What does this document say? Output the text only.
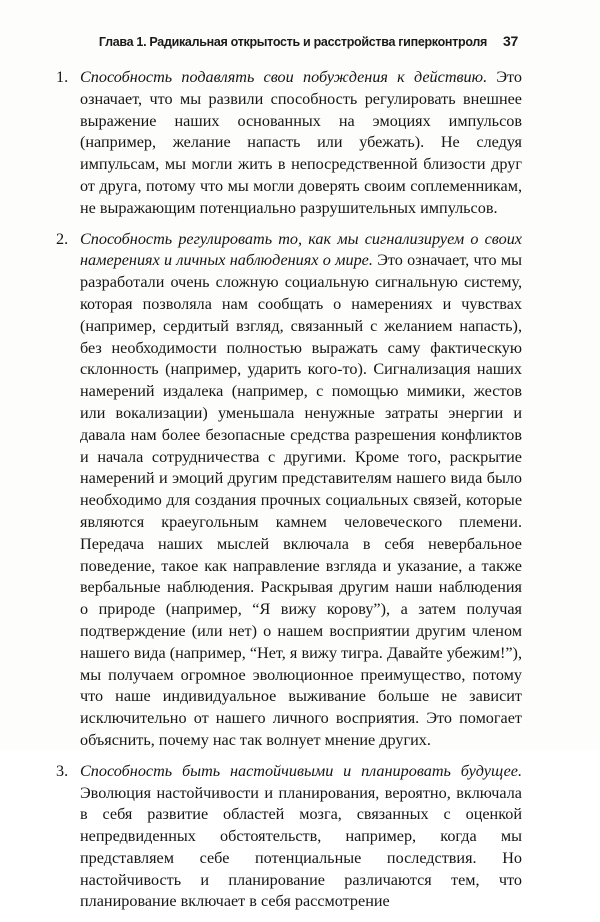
Глава 1. Радикальная открытость и расстройства гиперконтроля 37

1. Способность подавлять свои побуждения к действию. Это означает, что мы развили способность регулировать внешнее выражение наших основанных на эмоциях импульсов (например, желание напасть или убежать). Не следуя импульсам, мы могли жить в непосредственной близости друг от друга, потому что мы могли доверять своим соплеменникам, не выражающим потенциально разрушительных импульсов.

2. Способность регулировать то, как мы сигнализируем о своих намерениях и личных наблюдениях о мире. Это означает, что мы разработали очень сложную социальную сигнальную систему, которая позволяла нам сообщать о намерениях и чувствах (например, сердитый взгляд, связанный с желанием напасть), без необходимости полностью выражать саму фактическую склонность (например, ударить кого-то). Сигнализация наших намерений издалека (например, с помощью мимики, жестов или вокализации) уменьшала ненужные затраты энергии и давала нам более безопасные средства разрешения конфликтов и начала сотрудничества с другими. Кроме того, раскрытие намерений и эмоций другим представителям нашего вида было необходимо для создания прочных социальных связей, которые являются краеугольным камнем человеческого племени. Передача наших мыслей включала в себя невербальное поведение, такое как направление взгляда и указание, а также вербальные наблюдения. Раскрывая другим наши наблюдения о природе (например, “Я вижу корову”), а затем получая подтверждение (или нет) о нашем восприятии другим членом нашего вида (например, “Нет, я вижу тигра. Давайте убежим!”), мы получаем огромное эволюционное преимущество, потому что наше индивидуальное выживание больше не зависит исключительно от нашего личного восприятия. Это помогает объяснить, почему нас так волнует мнение других.

3. Способность быть настойчивыми и планировать будущее. Эволюция настойчивости и планирования, вероятно, включала в себя развитие областей мозга, связанных с оценкой непредвиденных обстоятельств, например, когда мы представляем себе потенциальные последствия. Но настойчивость и планирование различаются тем, что планирование включает в себя рассмотрение
